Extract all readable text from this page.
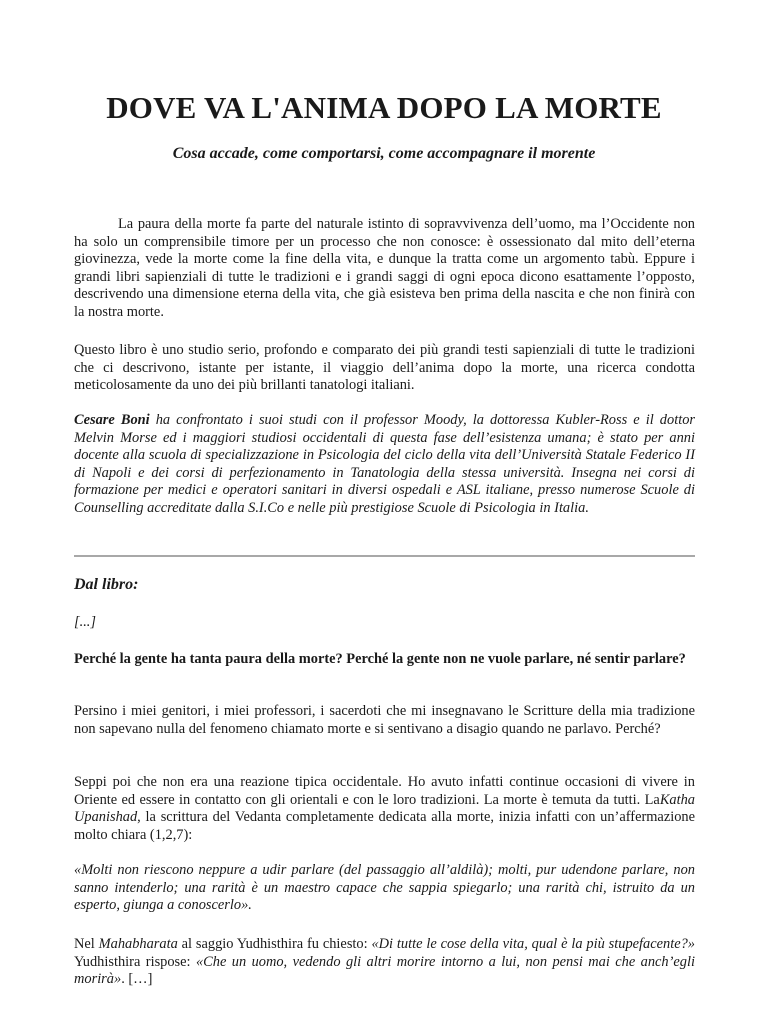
DOVE VA L'ANIMA DOPO LA MORTE

Cosa accade, come comportarsi, come accompagnare il morente

La paura della morte fa parte del naturale istinto di sopravvivenza dell’uomo, ma l’Occidente non ha solo un comprensibile timore per un processo che non conosce: è ossessionato dal mito dell’eterna giovinezza, vede la morte come la fine della vita, e dunque la tratta come un argomento tabù. Eppure i grandi libri sapienziali di tutte le tradizioni e i grandi saggi di ogni epoca dicono esattamente l’opposto, descrivendo una dimensione eterna della vita, che già esisteva ben prima della nascita e che non finirà con la nostra morte.

Questo libro è uno studio serio, profondo e comparato dei più grandi testi sapienziali di tutte le tradizioni che ci descrivono, istante per istante, il viaggio dell’anima dopo la morte, una ricerca condotta meticolosamente da uno dei più brillanti tanatologi italiani.

Cesare Boni ha confrontato i suoi studi con il professor Moody, la dottoressa Kubler-Ross e il dottor Melvin Morse ed i maggiori studiosi occidentali di questa fase dell’esistenza umana; è stato per anni docente alla scuola di specializzazione in Psicologia del ciclo della vita dell’Università Statale Federico II di Napoli e dei corsi di perfezionamento in Tanatologia della stessa università. Insegna nei corsi di formazione per medici e operatori sanitari in diversi ospedali e ASL italiane, presso numerose Scuole di Counselling accreditate dalla S.I.Co e nelle più prestigiose Scuole di Psicologia in Italia.

Dal libro:

[...]

Perché la gente ha tanta paura della morte? Perché la gente non ne vuole parlare, né sentir parlare?

Persino i miei genitori, i miei professori, i sacerdoti che mi insegnavano le Scritture della mia tradizione non sapevano nulla del fenomeno chiamato morte e si sentivano a disagio quando ne parlavo. Perché?

Seppi poi che non era una reazione tipica occidentale. Ho avuto infatti continue occasioni di vivere in Oriente ed essere in contatto con gli orientali e con le loro tradizioni. La morte è temuta da tutti. LaKatha Upanishad, la scrittura del Vedanta completamente dedicata alla morte, inizia infatti con un’affermazione molto chiara (1,2,7):

«Molti non riescono neppure a udir parlare (del passaggio all’aldilà); molti, pur udendone parlare, non sanno intenderlo; una rarità è un maestro capace che sappia spiegarlo; una rarità chi, istruito da un esperto, giunga a conoscerlo».

Nel Mahabharata al saggio Yudhisthira fu chiesto: «Di tutte le cose della vita, qual è la più stupefacente?» Yudhisthira rispose: «Che un uomo, vedendo gli altri morire intorno a lui, non pensi mai che anch’egli morirà». […]
